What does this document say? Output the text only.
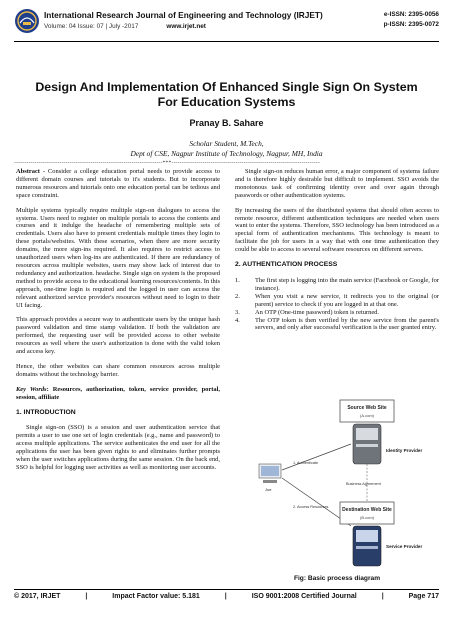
International Research Journal of Engineering and Technology (IRJET)
Volume: 04 Issue: 07 | July -2017	www.irjet.net
e-ISSN: 2395-0056
p-ISSN: 2395-0072
Design And Implementation Of Enhanced Single Sign On System For Education Systems
Pranay B. Sahare
Scholar Student, M.Tech,
Dept of CSE, Nagpur Institute of Technology, Nagpur, MH, India
------------------------------------------------------------------------***------------------------------------------------------------------------

Abstract - Consider a college education portal needs to provide access to different domain courses and tutorials to it's students. But to incorporate numerous resources and tutorials onto one education portal can be tedious and space constraint.

Multiple systems typically require multiple sign-on dialogues to access the systems. Users need to register on multiple portals to access the contents and courses and it indulge the headache of remembering multiple sets of credentials. Users also have to present credentials multiple times they login to these portals/websites. With these scenarios, when there are more security domains, the more sign-ins required. It also requires to restrict access to unauthorized users when log-ins are authenticated. If there are redundancy of resources across multiple websites, users may show lack of interest due to redundancy and authorization. headache. Single sign on system is the proposed method to provide access to the educational learning resources/contents. In this approach, one-time login is required and the logged in user can access the relevant authorized service provider's resources without need to login to their UI facing.

This approach provides a secure way to authenticate users by the unique hash password validation and time stamp validation. If both the validation are performed, the requesting user will be provided access to other website resources as well where the user's authorization is done with the valid token and access key.

Hence, the other websites can share common resources across multiple domains without the technology barrier.

Key Words: Resources, authorization, token, service provider, portal, session, affiliate

1. INTRODUCTION

Single sign-on (SSO) is a session and user authentication service that permits a user to use one set of login credentials (e.g., name and password) to access multiple applications. The service authenticates the end user for all the applications the user has been given rights to and eliminates further prompts when the user switches applications during the same session. On the back end, SSO is helpful for logging user activities as well as monitoring user accounts.

Single sign-on reduces human error, a major component of systems failure and is therefore highly desirable but difficult to implement. SSO avoids the monotonous task of confirming identity over and over again through passwords or other authentication systems.

By increasing the users of the distributed systems that should often access to remote resource, different authentication techniques are needed when users want to enter the systems. Therefore, SSO technology has been introduced as a special form of authentication mechanisms. This technology is meant to facilitate the job for users in a way that with one time authentication they could be able to access to several software resources on different servers.

2. AUTHENTICATION PROCESS
1. The first step is logging into the main service (Facebook or Google, for instance).
2. When you visit a new service, it redirects you to the original (or parent) service to check if you are logged in at that one.
3. An OTP (One-time password) token is returned.
4. The OTP token is then verified by the new service from the parent's servers, and only after successful verification is the user granted entry.
Source Web Site
(A.com)
Identity Provider
Business Agreement
Joe
1. Authenticate
2. Access Resources	Destination Web Site
(B.com)
Service Provider
Fig: Basic process diagram
© 2017, IRJET	|	Impact Factor value: 5.181	|	ISO 9001:2008 Certified Journal	|	Page 717
